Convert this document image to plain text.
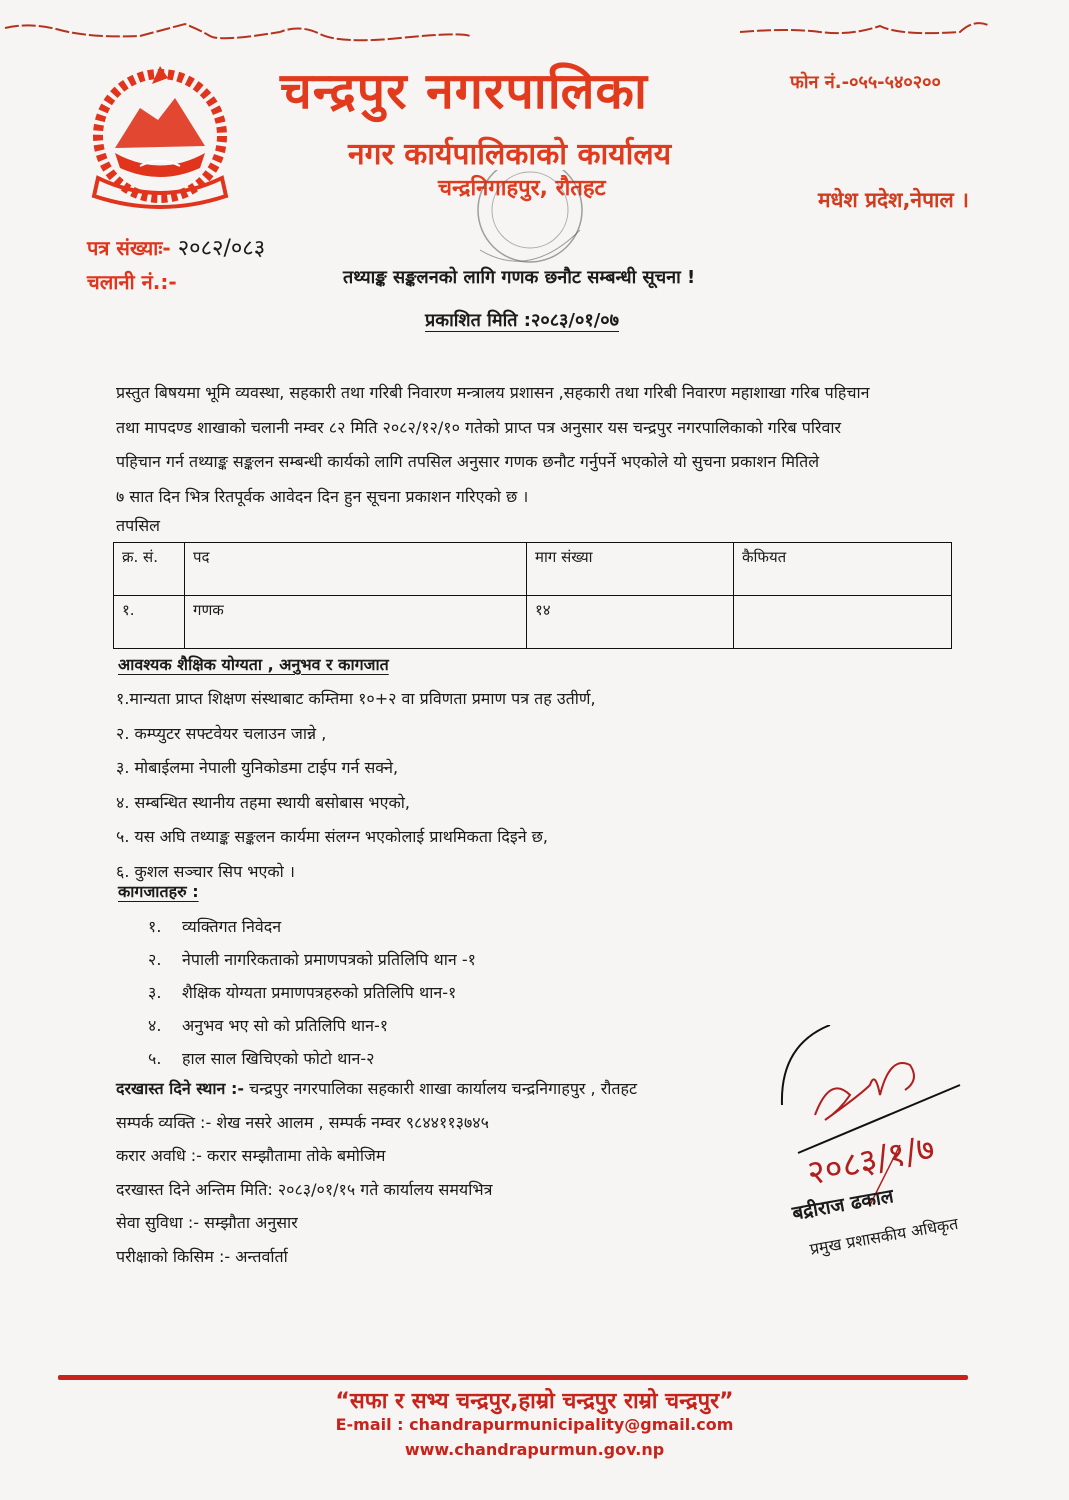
चन्द्रपुर नगरपालिका
नगर कार्यपालिकाको कार्यालय
चन्द्रनिगाहपुर, रौतहट
फोन नं.-०५५-५४०२००
मधेश प्रदेश,नेपाल ।
पत्र संख्याः- २०८२/०८३
चलानी नं.:-	तथ्याङ्क सङ्कलनको लागि गणक छनौट सम्बन्धी सूचना !
प्रकाशित मिति :२०८३/०१/०७
प्रस्तुत बिषयमा भूमि व्यवस्था, सहकारी तथा गरिबी निवारण मन्त्रालय प्रशासन ,सहकारी तथा गरिबी निवारण महाशाखा गरिब पहिचान
तथा मापदण्ड शाखाको चलानी नम्वर ८२ मिति २०८२/१२/१० गतेको प्राप्त पत्र अनुसार यस चन्द्रपुर नगरपालिकाको गरिब परिवार
पहिचान गर्न तथ्याङ्क सङ्कलन सम्बन्धी कार्यको लागि तपसिल अनुसार गणक छनौट गर्नुपर्ने भएकोले यो सुचना प्रकाशन मितिले
७ सात दिन भित्र रितपूर्वक आवेदन दिन हुन सूचना प्रकाशन गरिएको छ ।
तपसिल
क्र. सं.	पद	माग संख्या	कैफियत
१.	गणक	१४	
आवश्यक शैक्षिक योग्यता , अनुभव र कागजात
१.मान्यता प्राप्त शिक्षण संस्थाबाट कम्तिमा १०+२ वा प्रविणता प्रमाण पत्र तह उतीर्ण,
२. कम्प्युटर सफ्टवेयर चलाउन जान्ने ,
३. मोबाईलमा नेपाली युनिकोडमा टाईप गर्न सक्ने,
४. सम्बन्धित स्थानीय तहमा स्थायी बसोबास भएको,
५. यस अघि तथ्याङ्क सङ्कलन कार्यमा संलग्न भएकोलाई प्राथमिकता दिइने छ,
६. कुशल सञ्चार सिप भएको ।
कागजातहरु :
१. व्यक्तिगत निवेदन
२. नेपाली नागरिकताको प्रमाणपत्रको प्रतिलिपि थान -१
३. शैक्षिक योग्यता प्रमाणपत्रहरुको प्रतिलिपि थान-१
४. अनुभव भए सो को प्रतिलिपि थान-१
५. हाल साल खिचिएको फोटो थान-२
दरखास्त दिने स्थान :- चन्द्रपुर नगरपालिका सहकारी शाखा कार्यालय चन्द्रनिगाहपुर , रौतहट
सम्पर्क व्यक्ति :- शेख नसरे आलम , सम्पर्क नम्वर ९८४४११३७४५
करार अवधि :- करार सम्झौतामा तोके बमोजिम
दरखास्त दिने अन्तिम मिति: २०८३/०१/१५ गते कार्यालय समयभित्र
सेवा सुविधा :- सम्झौता अनुसार
परीक्षाको किसिम :- अन्तर्वार्ता
२०८३/१/७
बद्रीराज ढकाल
प्रमुख प्रशासकीय अधिकृत
“सफा र सभ्य चन्द्रपुर,हाम्रो चन्द्रपुर राम्रो चन्द्रपुर”
E-mail : chandrapurmunicipality@gmail.com
www.chandrapurmun.gov.np
